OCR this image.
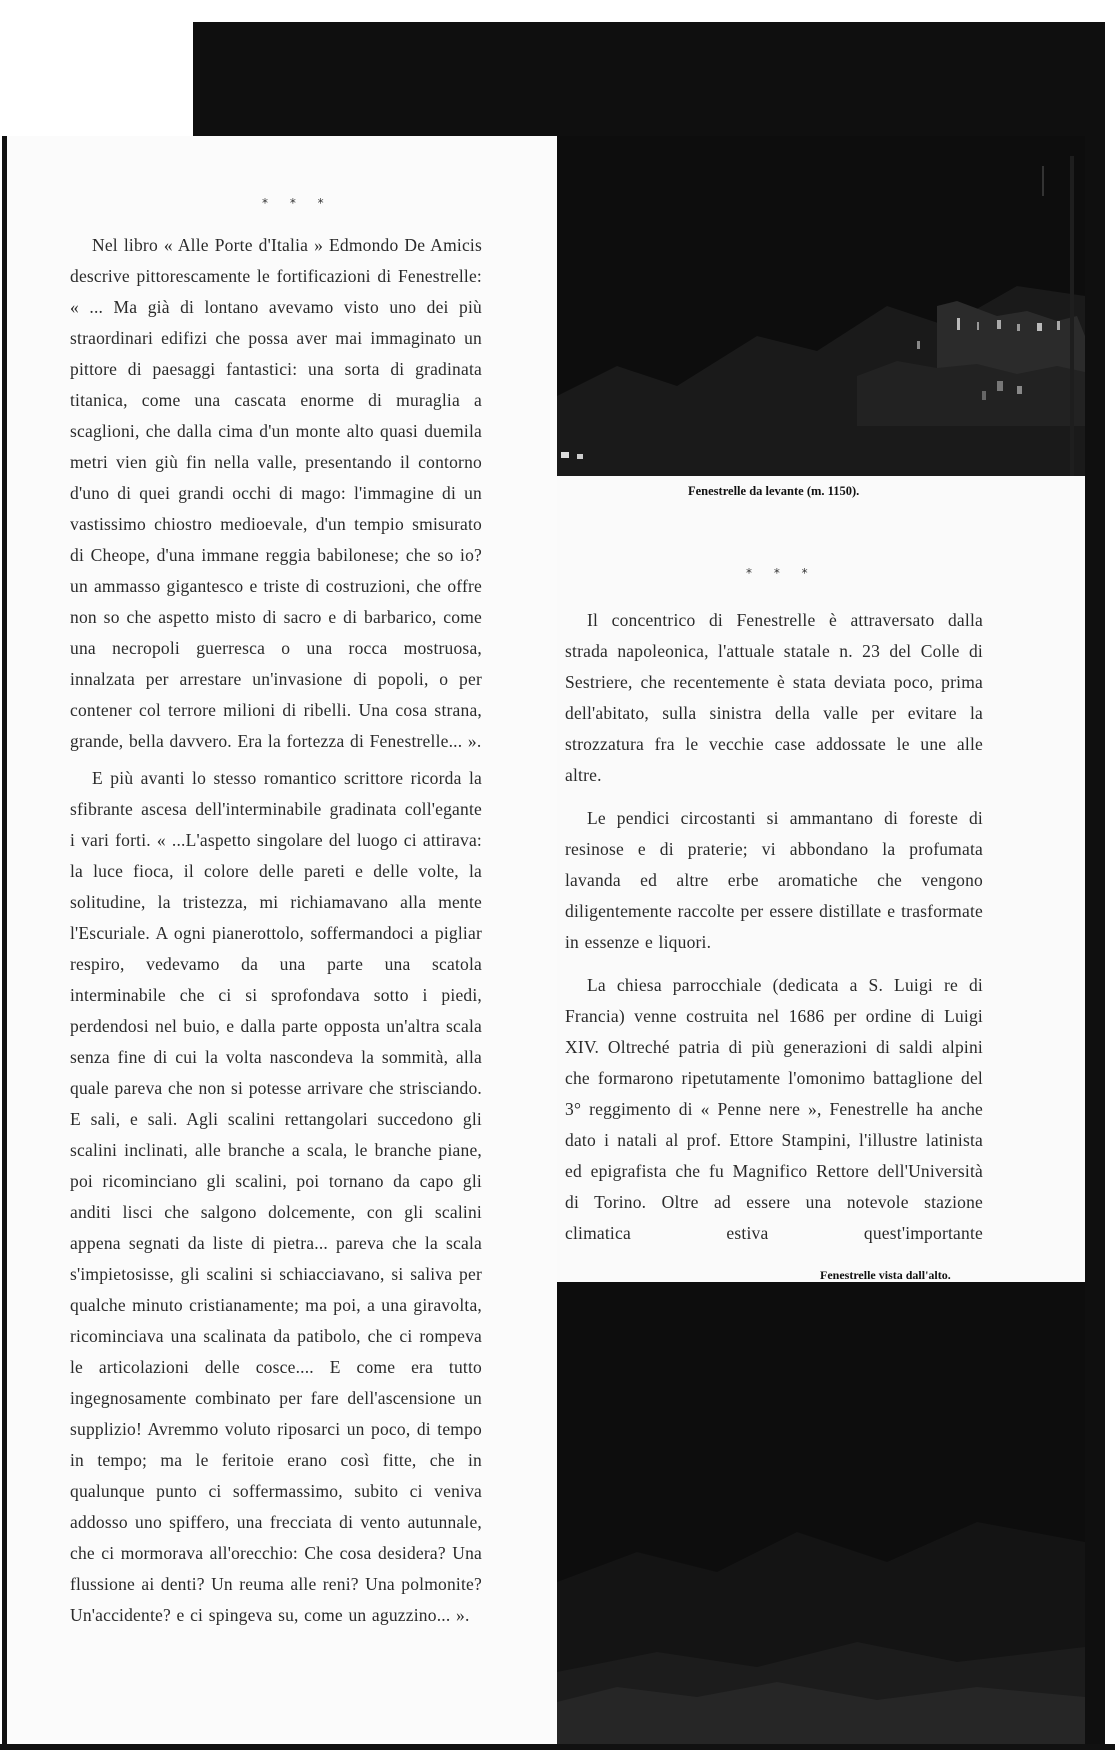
Fenestrelle da levante (m. 1150).
Fenestrelle vista dall'alto.
* * *
* * *

Nel libro « Alle Porte d'Italia » Edmondo De Amicis descrive pittorescamente le fortificazioni di Fenestrelle: « ... Ma già di lontano avevamo visto uno dei più straordinari edifizi che possa aver mai immaginato un pittore di paesaggi fantastici: una sorta di gradinata titanica, come una cascata enorme di muraglia a scaglioni, che dalla cima d'un monte alto quasi duemila metri vien giù fin nella valle, presentando il contorno d'uno di quei grandi occhi di mago: l'immagine di un vastissimo chiostro medioevale, d'un tempio smisurato di Cheope, d'una immane reggia babilonese; che so io? un ammasso gigantesco e triste di costruzioni, che offre non so che aspetto misto di sacro e di barbarico, come una necropoli guerresca o una rocca mostruosa, innalzata per arrestare un'invasione di popoli, o per contener col terrore milioni di ribelli. Una cosa strana, grande, bella davvero. Era la fortezza di Fenestrelle... ».

E più avanti lo stesso romantico scrittore ricorda la sfibrante ascesa dell'interminabile gradinata coll'egante i vari forti. « ...L'aspetto singolare del luogo ci attirava: la luce fioca, il colore delle pareti e delle volte, la solitudine, la tristezza, mi richiamavano alla mente l'Escuriale. A ogni pianerottolo, soffermandoci a pigliar respiro, vedevamo da una parte una scatola interminabile che ci si sprofondava sotto i piedi, perdendosi nel buio, e dalla parte opposta un'altra scala senza fine di cui la volta nascondeva la sommità, alla quale pareva che non si potesse arrivare che strisciando. E sali, e sali. Agli scalini rettangolari succedono gli scalini inclinati, alle branche a scala, le branche piane, poi ricominciano gli scalini, poi tornano da capo gli anditi lisci che salgono dolcemente, con gli scalini appena segnati da liste di pietra... pareva che la scala s'impietosisse, gli scalini si schiacciavano, si saliva per qualche minuto cristianamente; ma poi, a una giravolta, ricominciava una scalinata da patibolo, che ci rompeva le articolazioni delle cosce.... E come era tutto ingegnosamente combinato per fare dell'ascensione un supplizio! Avremmo voluto riposarci un poco, di tempo in tempo; ma le feritoie erano così fitte, che in qualunque punto ci soffermassimo, subito ci veniva addosso uno spiffero, una frecciata di vento autunnale, che ci mormorava all'orecchio: Che cosa desidera? Una flussione ai denti? Un reuma alle reni? Una polmonite? Un'accidente? e ci spingeva su, come un aguzzino... ».

Il concentrico di Fenestrelle è attraversato dalla strada napoleonica, l'attuale statale n. 23 del Colle di Sestriere, che recentemente è stata deviata poco, prima dell'abitato, sulla sinistra della valle per evitare la strozzatura fra le vecchie case addossate le une alle altre.

Le pendici circostanti si ammantano di foreste di resinose e di praterie; vi abbondano la profumata lavanda ed altre erbe aromatiche che vengono diligentemente raccolte per essere distillate e trasformate in essenze e liquori.

La chiesa parrocchiale (dedicata a S. Luigi re di Francia) venne costruita nel 1686 per ordine di Luigi XIV. Oltreché patria di più generazioni di saldi alpini che formarono ripetutamente l'omonimo battaglione del 3° reggimento di « Penne nere », Fenestrelle ha anche dato i natali al prof. Ettore Stampini, l'illustre latinista ed epigrafista che fu Magnifico Rettore dell'Università di Torino. Oltre ad essere una notevole stazione climatica estiva quest'importante
